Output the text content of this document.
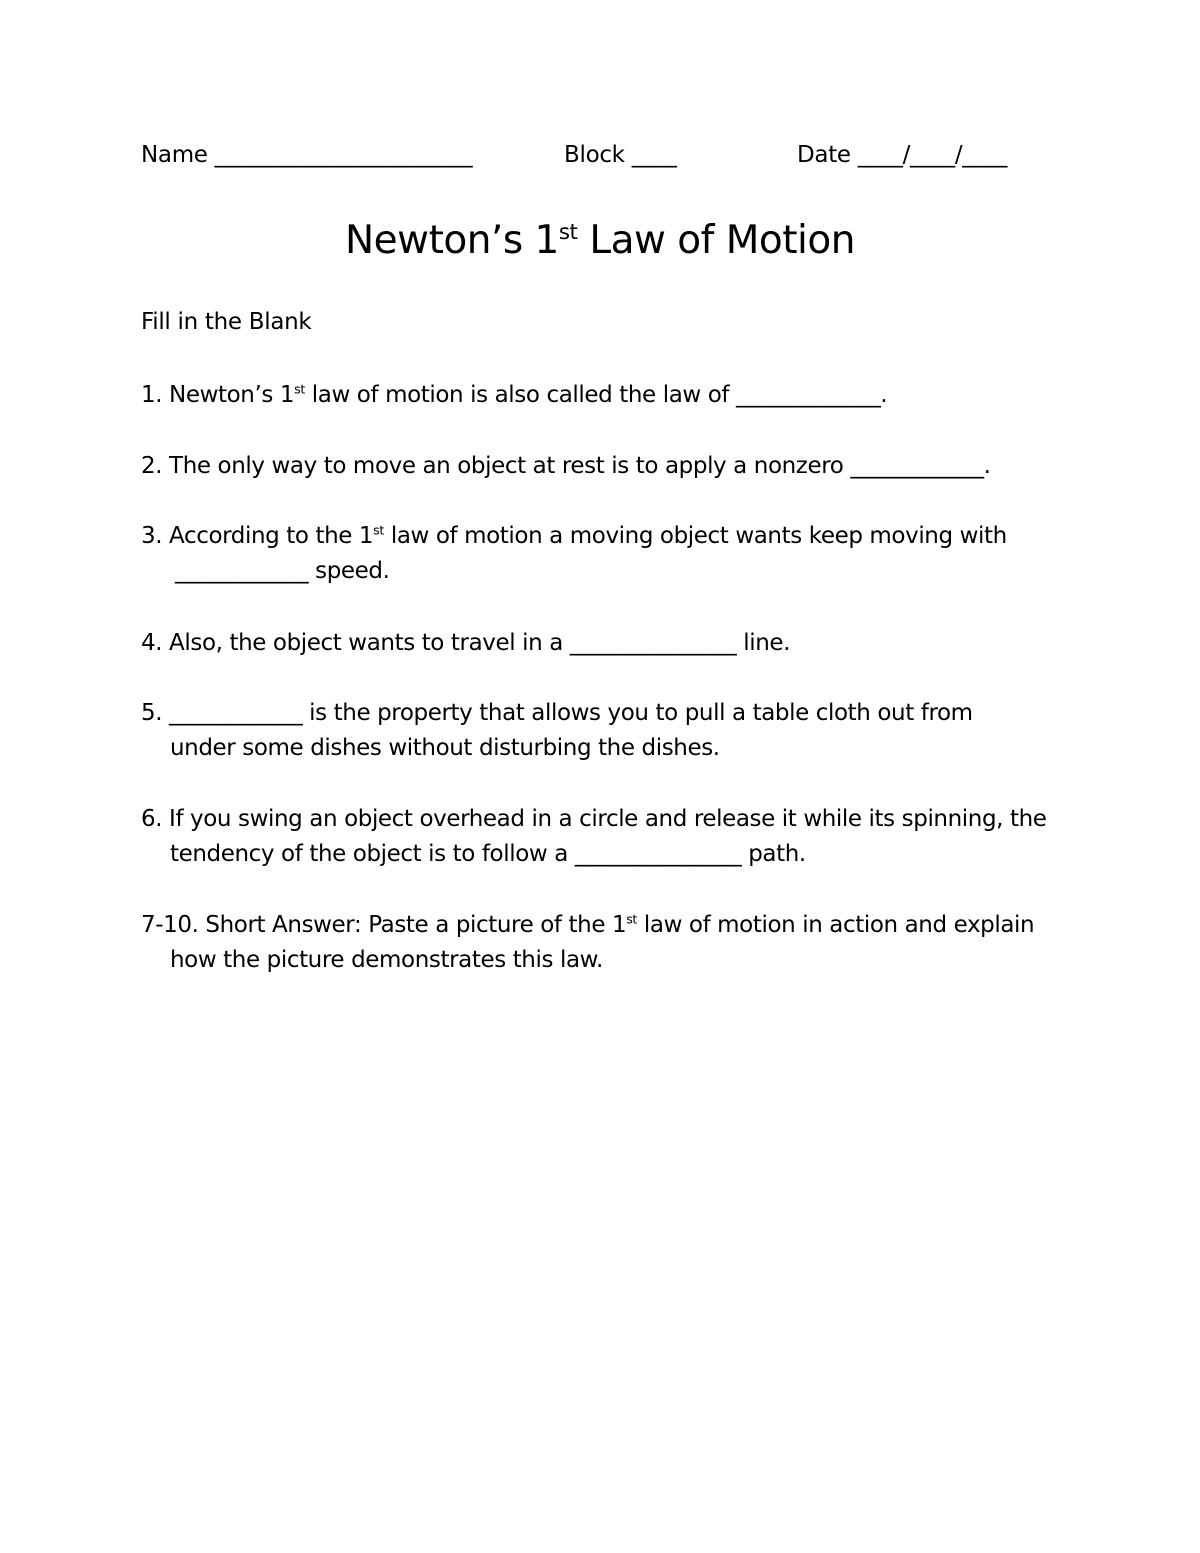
Name _______________________	Block ____	Date ____/____/____
Newton’s 1st Law of Motion
Fill in the Blank
1. Newton’s 1st law of motion is also called the law of _____________.
2. The only way to move an object at rest is to apply a nonzero ____________.
3. According to the 1st law of motion a moving object wants keep moving with
____________ speed.
4. Also, the object wants to travel in a _______________ line.
5. ____________ is the property that allows you to pull a table cloth out from
under some dishes without disturbing the dishes.
6. If you swing an object overhead in a circle and release it while its spinning, the
tendency of the object is to follow a _______________ path.
7-10. Short Answer: Paste a picture of the 1st law of motion in action and explain
how the picture demonstrates this law.
